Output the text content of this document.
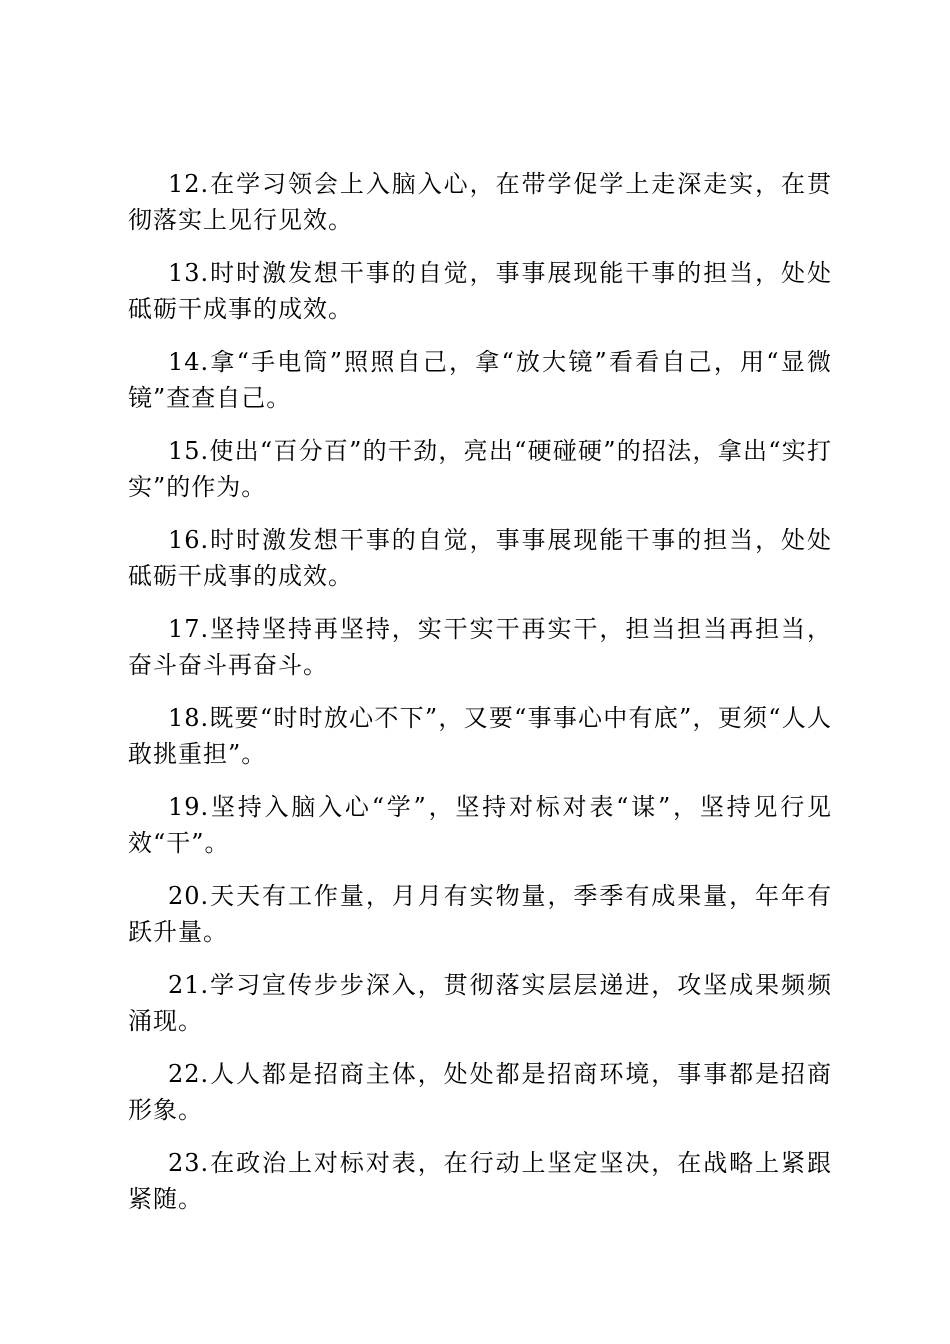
12.在学习领会上入脑入心，在带学促学上走深走实，在贯彻落实上见行见效。

13.时时激发想干事的自觉，事事展现能干事的担当，处处砥砺干成事的成效。

14.拿“手电筒”照照自己，拿“放大镜”看看自己，用“显微镜”查查自己。

15.使出“百分百”的干劲，亮出“硬碰硬”的招法，拿出“实打实”的作为。

16.时时激发想干事的自觉，事事展现能干事的担当，处处砥砺干成事的成效。

17.坚持坚持再坚持，实干实干再实干，担当担当再担当，奋斗奋斗再奋斗。

18.既要“时时放心不下”，又要“事事心中有底”，更须“人人敢挑重担”。

19.坚持入脑入心“学”，坚持对标对表“谋”，坚持见行见效“干”。

20.天天有工作量，月月有实物量，季季有成果量，年年有跃升量。

21.学习宣传步步深入，贯彻落实层层递进，攻坚成果频频涌现。

22.人人都是招商主体，处处都是招商环境，事事都是招商形象。

23.在政治上对标对表，在行动上坚定坚决，在战略上紧跟紧随。
